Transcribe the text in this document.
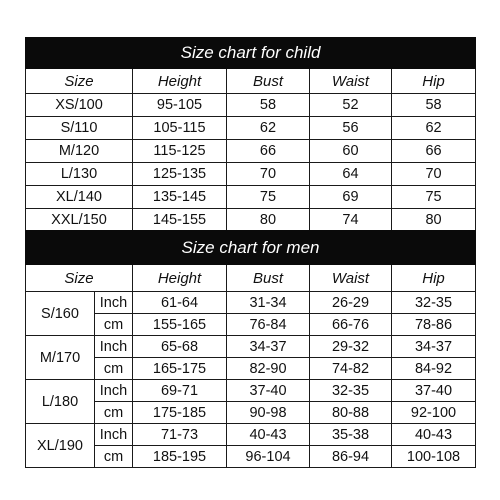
Size chart for child				
Size	Height	Bust	Waist	Hip
XS/100	95-105	58	52	58
S/110	105-115	62	56	62
M/120	115-125	66	60	66
L/130	125-135	70	64	70
XL/140	135-145	75	69	75
XXL/150	145-155	80	74	80
Size chart for men					
Size		Height	Bust	Waist	Hip
S/160	Inch	61-64	31-34	26-29	32-35
	cm	155-165	76-84	66-76	78-86
M/170	Inch	65-68	34-37	29-32	34-37
	cm	165-175	82-90	74-82	84-92
L/180	Inch	69-71	37-40	32-35	37-40
	cm	175-185	90-98	80-88	92-100
XL/190	Inch	71-73	40-43	35-38	40-43
	cm	185-195	96-104	86-94	100-108
